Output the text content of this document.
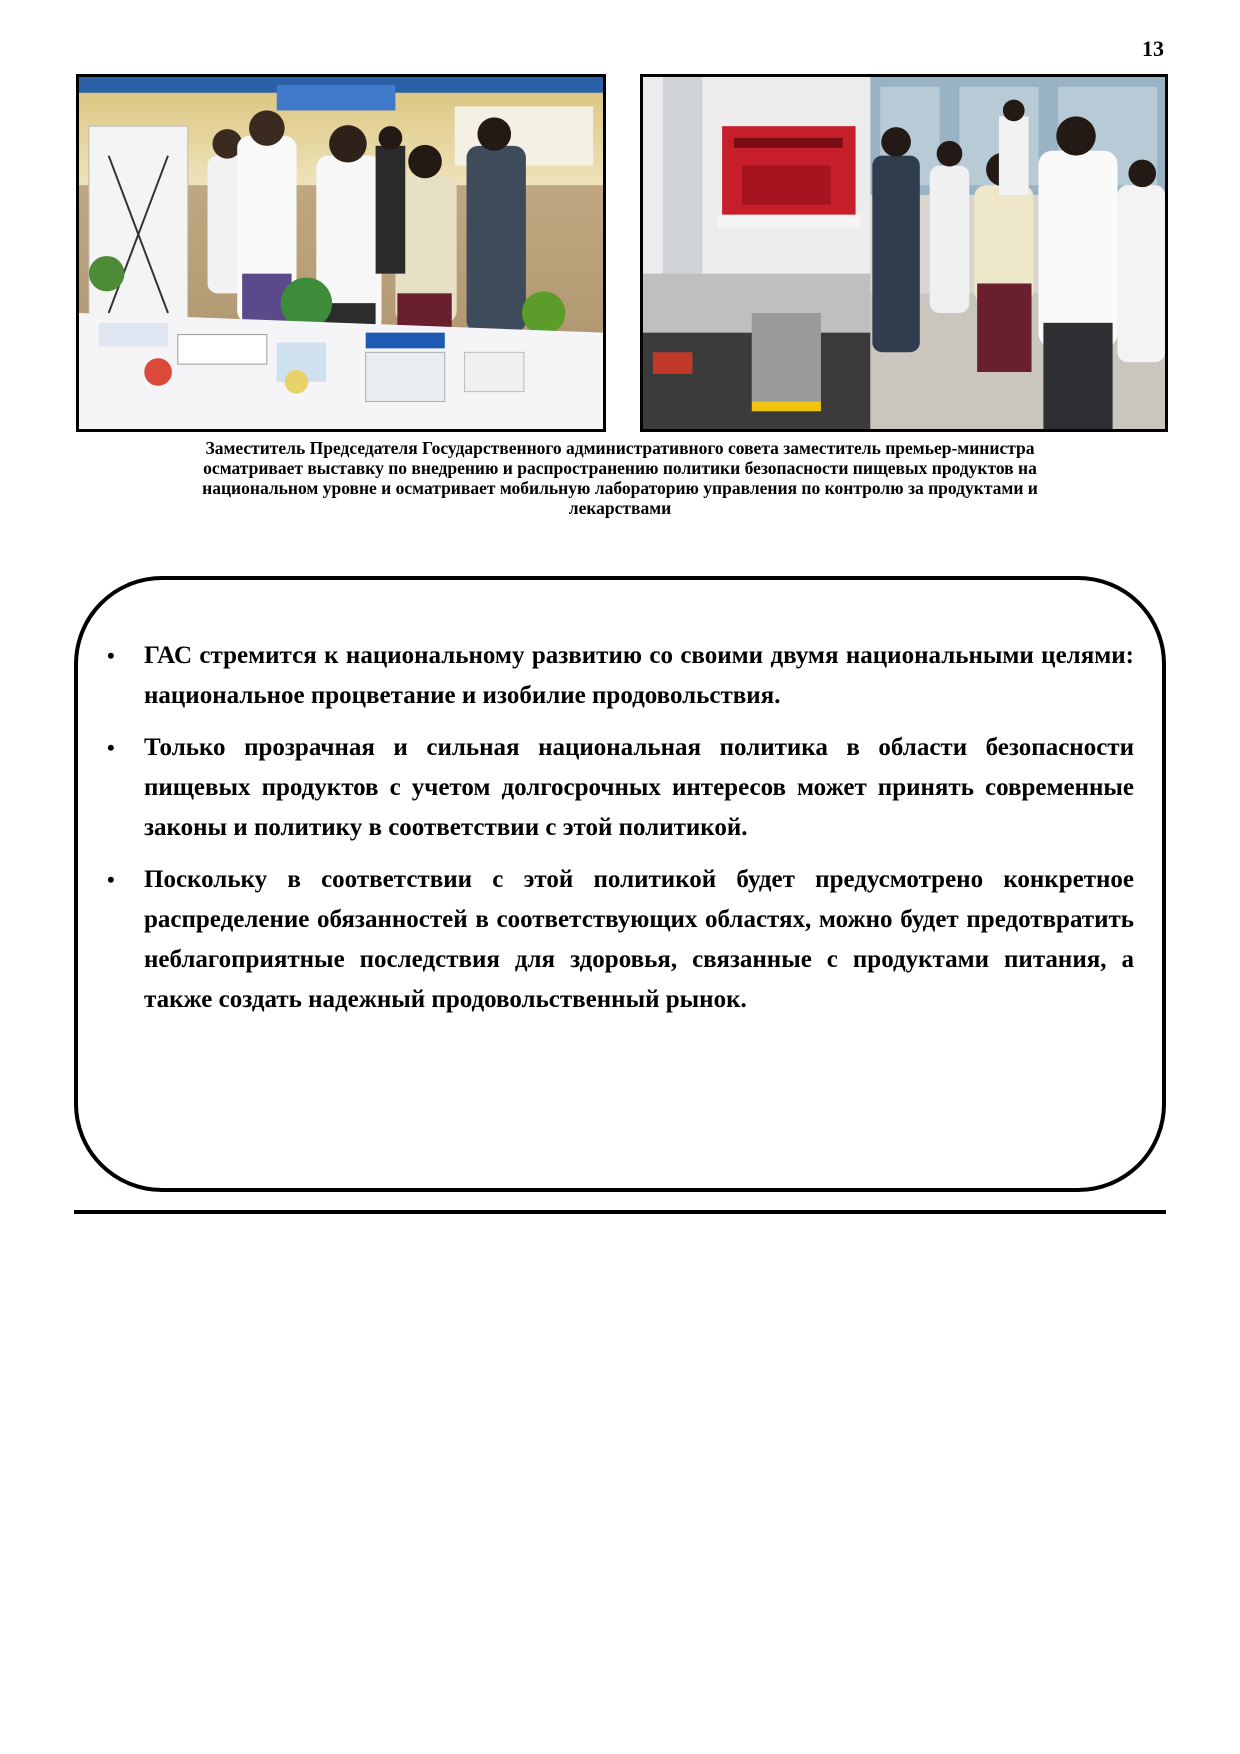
13
Заместитель Председателя Государственного административного совета заместитель премьер-министра
осматривает выставку по внедрению и распространению политики безопасности пищевых продуктов на
национальном уровне и осматривает мобильную лабораторию управления по контролю за продуктами и
лекарствами
• ГАС стремится к национальному развитию со своими двумя национальными целями: национальное процветание и изобилие продовольствия.
• Только прозрачная и сильная национальная политика в области безопасности пищевых продуктов с учетом долгосрочных интересов может принять современные законы и политику в соответствии с этой политикой.
• Поскольку в соответствии с этой политикой будет предусмотрено конкретное распределение обязанностей в соответствующих областях, можно будет предотвратить неблагоприятные последствия для здоровья, связанные с продуктами питания, а также создать надежный продовольственный рынок.
